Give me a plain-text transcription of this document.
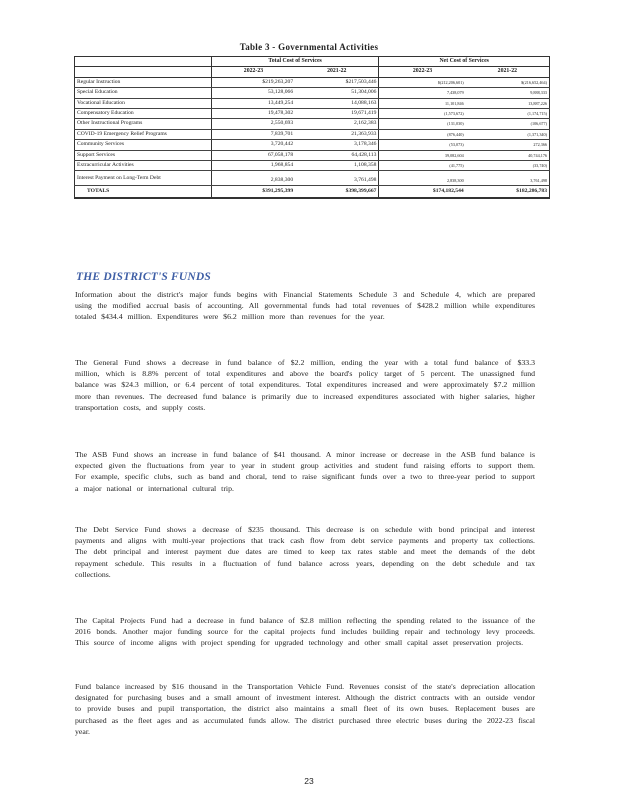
Table 3 - Governmental Activities
	Total Cost of Services		Net Cost of Services	
	2022-23	2021-22	2022-23	2021-22
Regular Instruction	$219,263,207	$217,503,446	$(212,206,601)	$(216,652,464)
Special Education	53,128,066	51,304,006	7,438,079	9,888,333
Vocational Education	13,449,254	14,088,163	11,101,846	13,887,226
Compensatory Education	19,478,302	19,671,419	(1,573,672)	(1,174,715)
Other Instructional Programs	2,550,693	2,162,383	(131,030)	(106,677)
COVID-19 Emergency Relief Programs	7,839,701	21,363,933	(876,440)	(1,371,340)
Community Services	3,720,442	3,178,346	(53,073)	272,366
Support Services	67,058,178	64,428,113	39,082,604	40,744,176
Extracurricular Activities	1,968,854	1,108,358	(41,775)	(33,740)
Interest Payment on Long-Term Debt	2,838,300	3,761,498	2,838,300	3,761,498
TOTALS	$391,295,399	$398,399,667	$174,182,544	$182,286,783
THE DISTRICT'S FUNDS

Information about the district's major funds begins with Financial Statements Schedule 3 and Schedule 4, which are prepared using the modified accrual basis of accounting. All governmental funds had total revenues of $428.2 million while expenditures totaled $434.4 million. Expenditures were $6.2 million more than revenues for the year.

The General Fund shows a decrease in fund balance of $2.2 million, ending the year with a total fund balance of $33.3 million, which is 8.8% percent of total expenditures and above the board's policy target of 5 percent. The unassigned fund balance was $24.3 million, or 6.4 percent of total expenditures. Total expenditures increased and were approximately $7.2 million more than revenues. The decreased fund balance is primarily due to increased expenditures associated with higher salaries, higher transportation costs, and supply costs.

The ASB Fund shows an increase in fund balance of $41 thousand. A minor increase or decrease in the ASB fund balance is expected given the fluctuations from year to year in student group activities and student fund raising efforts to support them. For example, specific clubs, such as band and choral, tend to raise significant funds over a two to three-year period to support a major national or international cultural trip.

The Debt Service Fund shows a decrease of $235 thousand. This decrease is on schedule with bond principal and interest payments and aligns with multi-year projections that track cash flow from debt service payments and property tax collections. The debt principal and interest payment due dates are timed to keep tax rates stable and meet the demands of the debt repayment schedule. This results in a fluctuation of fund balance across years, depending on the debt schedule and tax collections.

The Capital Projects Fund had a decrease in fund balance of $2.8 million reflecting the spending related to the issuance of the 2016 bonds. Another major funding source for the capital projects fund includes building repair and technology levy proceeds. This source of income aligns with project spending for upgraded technology and other small capital asset preservation projects.

Fund balance increased by $16 thousand in the Transportation Vehicle Fund. Revenues consist of the state's depreciation allocation designated for purchasing buses and a small amount of investment interest. Although the district contracts with an outside vendor to provide buses and pupil transportation, the district also maintains a small fleet of its own buses. Replacement buses are purchased as the fleet ages and as accumulated funds allow. The district purchased three electric buses during the 2022-23 fiscal year.

23
